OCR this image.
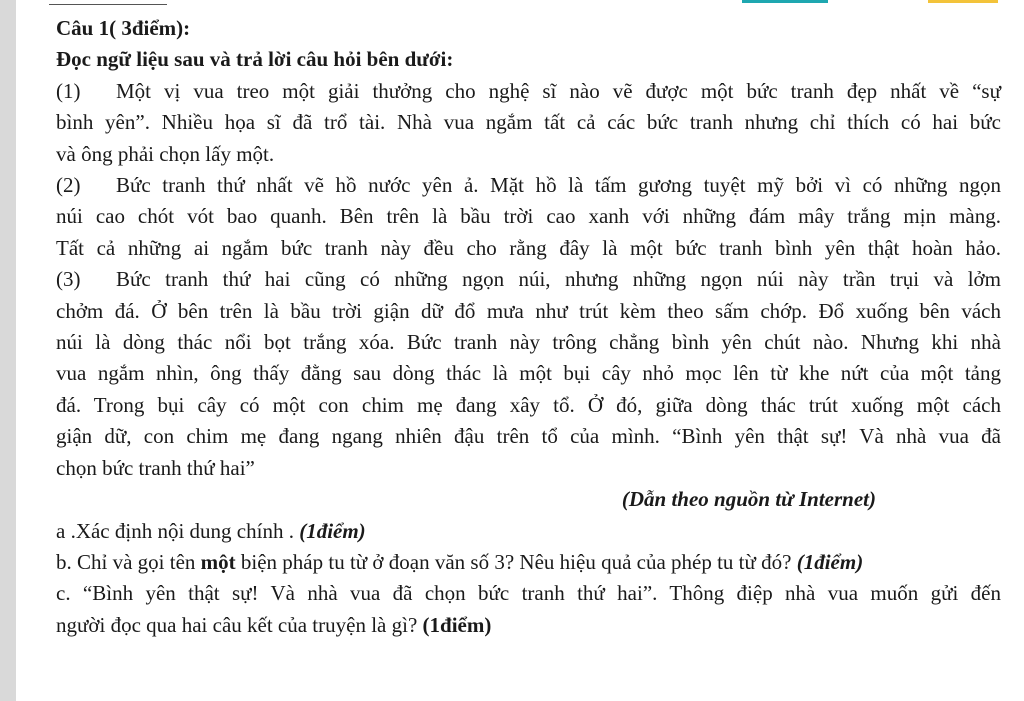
Câu 1( 3điểm):

Đọc ngữ liệu sau và trả lời câu hỏi bên dưới:

(1) Một vị vua treo một giải thưởng cho nghệ sĩ nào vẽ được một bức tranh đẹp nhất về “sự

bình yên”. Nhiều họa sĩ đã trổ tài. Nhà vua ngắm tất cả các bức tranh nhưng chỉ thích có hai bức

và ông phải chọn lấy một.

(2) Bức tranh thứ nhất vẽ hồ nước yên ả. Mặt hồ là tấm gương tuyệt mỹ bởi vì có những ngọn

núi cao chót vót bao quanh. Bên trên là bầu trời cao xanh với những đám mây trắng mịn màng.

Tất cả những ai ngắm bức tranh này đều cho rằng đây là một bức tranh bình yên thật hoàn hảo.

(3) Bức tranh thứ hai cũng có những ngọn núi, nhưng những ngọn núi này trần trụi và lởm

chởm đá. Ở bên trên là bầu trời giận dữ đổ mưa như trút kèm theo sấm chớp. Đổ xuống bên vách

núi là dòng thác nổi bọt trắng xóa. Bức tranh này trông chẳng bình yên chút nào. Nhưng khi nhà

vua ngắm nhìn, ông thấy đằng sau dòng thác là một bụi cây nhỏ mọc lên từ khe nứt của một tảng

đá. Trong bụi cây có một con chim mẹ đang xây tổ. Ở đó, giữa dòng thác trút xuống một cách

giận dữ, con chim mẹ đang ngang nhiên đậu trên tổ của mình. “Bình yên thật sự! Và nhà vua đã

chọn bức tranh thứ hai”

(Dẫn theo nguồn từ Internet)

a .Xác định nội dung chính . (1điểm)

b. Chỉ và gọi tên một biện pháp tu từ ở đoạn văn số 3? Nêu hiệu quả của phép tu từ đó? (1điểm)

c. “Bình yên thật sự! Và nhà vua đã chọn bức tranh thứ hai”. Thông điệp nhà vua muốn gửi đến

người đọc qua hai câu kết của truyện là gì? (1điểm)
